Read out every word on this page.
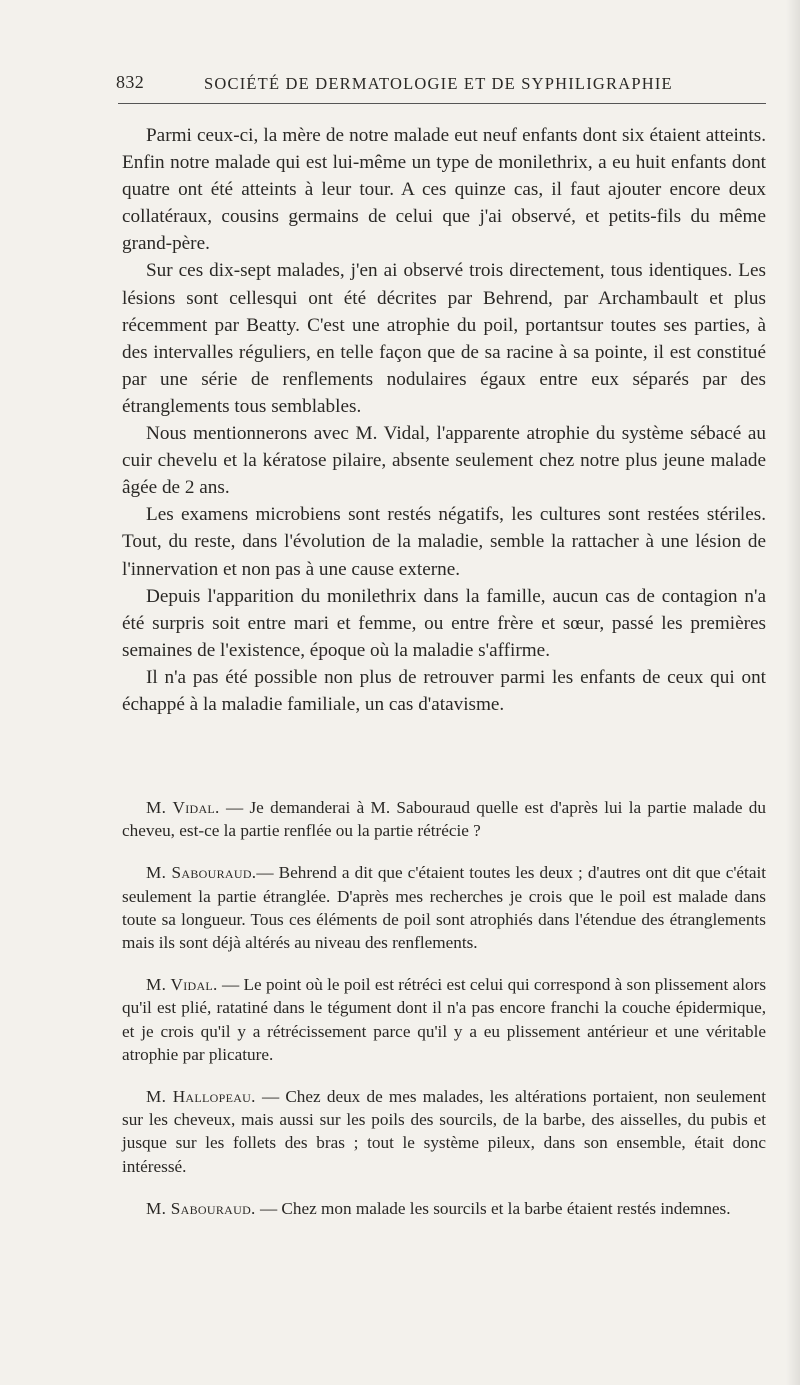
832	SOCIÉTÉ DE DERMATOLOGIE ET DE SYPHILIGRAPHIE

Parmi ceux-ci, la mère de notre malade eut neuf enfants dont six étaient atteints. Enfin notre malade qui est lui-même un type de monilethrix, a eu huit enfants dont quatre ont été atteints à leur tour. A ces quinze cas, il faut ajouter encore deux collatéraux, cousins germains de celui que j'ai observé, et petits-fils du même grand-père.

Sur ces dix-sept malades, j'en ai observé trois directement, tous identiques. Les lésions sont cellesqui ont été décrites par Behrend, par Archambault et plus récemment par Beatty. C'est une atrophie du poil, portantsur toutes ses parties, à des intervalles réguliers, en telle façon que de sa racine à sa pointe, il est constitué par une série de renflements nodulaires égaux entre eux séparés par des étranglements tous semblables.

Nous mentionnerons avec M. Vidal, l'apparente atrophie du système sébacé au cuir chevelu et la kératose pilaire, absente seulement chez notre plus jeune malade âgée de 2 ans.

Les examens microbiens sont restés négatifs, les cultures sont restées stériles. Tout, du reste, dans l'évolution de la maladie, semble la rattacher à une lésion de l'innervation et non pas à une cause externe.

Depuis l'apparition du monilethrix dans la famille, aucun cas de contagion n'a été surpris soit entre mari et femme, ou entre frère et sœur, passé les premières semaines de l'existence, époque où la maladie s'affirme.

Il n'a pas été possible non plus de retrouver parmi les enfants de ceux qui ont échappé à la maladie familiale, un cas d'atavisme.

M. Vidal. — Je demanderai à M. Sabouraud quelle est d'après lui la partie malade du cheveu, est-ce la partie renflée ou la partie rétrécie ?

M. Sabouraud.— Behrend a dit que c'étaient toutes les deux ; d'autres ont dit que c'était seulement la partie étranglée. D'après mes recherches je crois que le poil est malade dans toute sa longueur. Tous ces éléments de poil sont atrophiés dans l'étendue des étranglements mais ils sont déjà altérés au niveau des renflements.

M. Vidal. — Le point où le poil est rétréci est celui qui correspond à son plissement alors qu'il est plié, ratatiné dans le tégument dont il n'a pas encore franchi la couche épidermique, et je crois qu'il y a rétrécissement parce qu'il y a eu plissement antérieur et une véritable atrophie par plicature.

M. Hallopeau. — Chez deux de mes malades, les altérations portaient, non seulement sur les cheveux, mais aussi sur les poils des sourcils, de la barbe, des aisselles, du pubis et jusque sur les follets des bras ; tout le système pileux, dans son ensemble, était donc intéressé.

M. Sabouraud. — Chez mon malade les sourcils et la barbe étaient restés indemnes.
